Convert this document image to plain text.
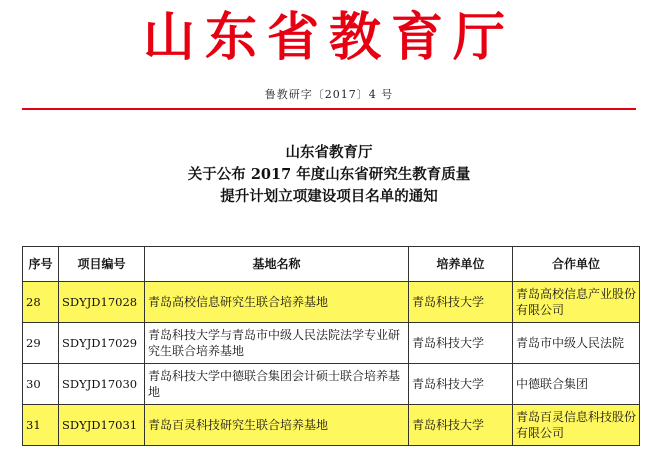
山东省教育厅
鲁教研字〔2017〕4 号
山东省教育厅
关于公布 2017 年度山东省研究生教育质量
提升计划立项建设项目名单的通知
序号	项目编号	基地名称	培养单位	合作单位
28	SDYJD17028	青岛高校信息研究生联合培养基地	青岛科技大学	青岛高校信息产业股份有限公司
29	SDYJD17029	青岛科技大学与青岛市中级人民法院法学专业研究生联合培养基地	青岛科技大学	青岛市中级人民法院
30	SDYJD17030	青岛科技大学中德联合集团会计硕士联合培养基地	青岛科技大学	中德联合集团
31	SDYJD17031	青岛百灵科技研究生联合培养基地	青岛科技大学	青岛百灵信息科技股份有限公司
